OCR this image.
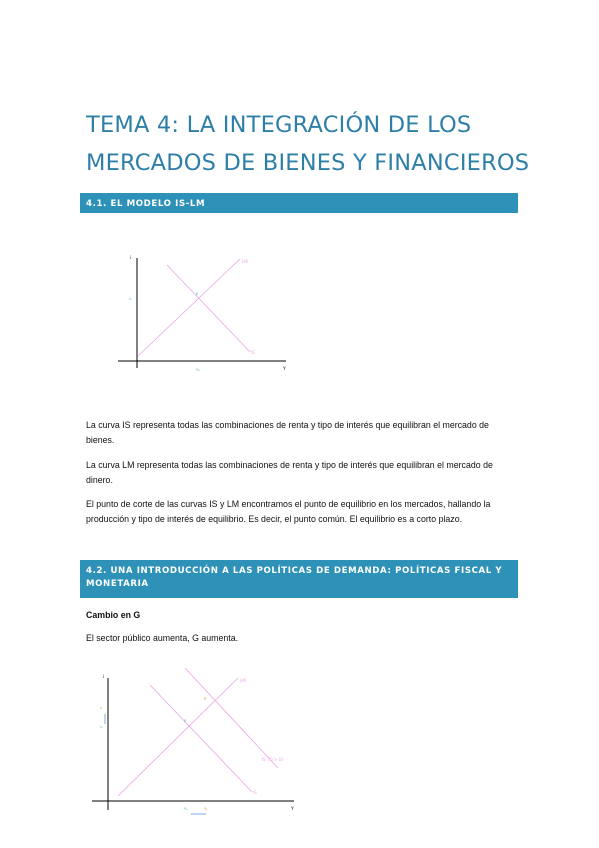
TEMA 4: LA INTEGRACIÓN DE LOS MERCADOS DE BIENES Y FINANCIEROS
4.1. EL MODELO IS-LM
i
Y
LM
IS
E
i₀
Y₀
La curva IS representa todas las combinaciones de renta y tipo de interés que equilibran el mercado de bienes.
La curva LM representa todas las combinaciones de renta y tipo de interés que equilibran el mercado de dinero.
El punto de corte de las curvas IS y LM encontramos el punto de equilibrio en los mercados, hallando la producción y tipo de interés de equilibrio. Es decir, el punto común. El equilibrio es a corto plazo.
4.2. UNA INTRODUCCIÓN A LAS POLÍTICAS DE DEMANDA: POLÍTICAS FISCAL Y MONETARIA
Cambio en G
El sector público aumenta, G aumenta.
i
Y
LM
IS
IS' (G'> G)
E
E'
i₀
i₁
Y₀	Y₁
